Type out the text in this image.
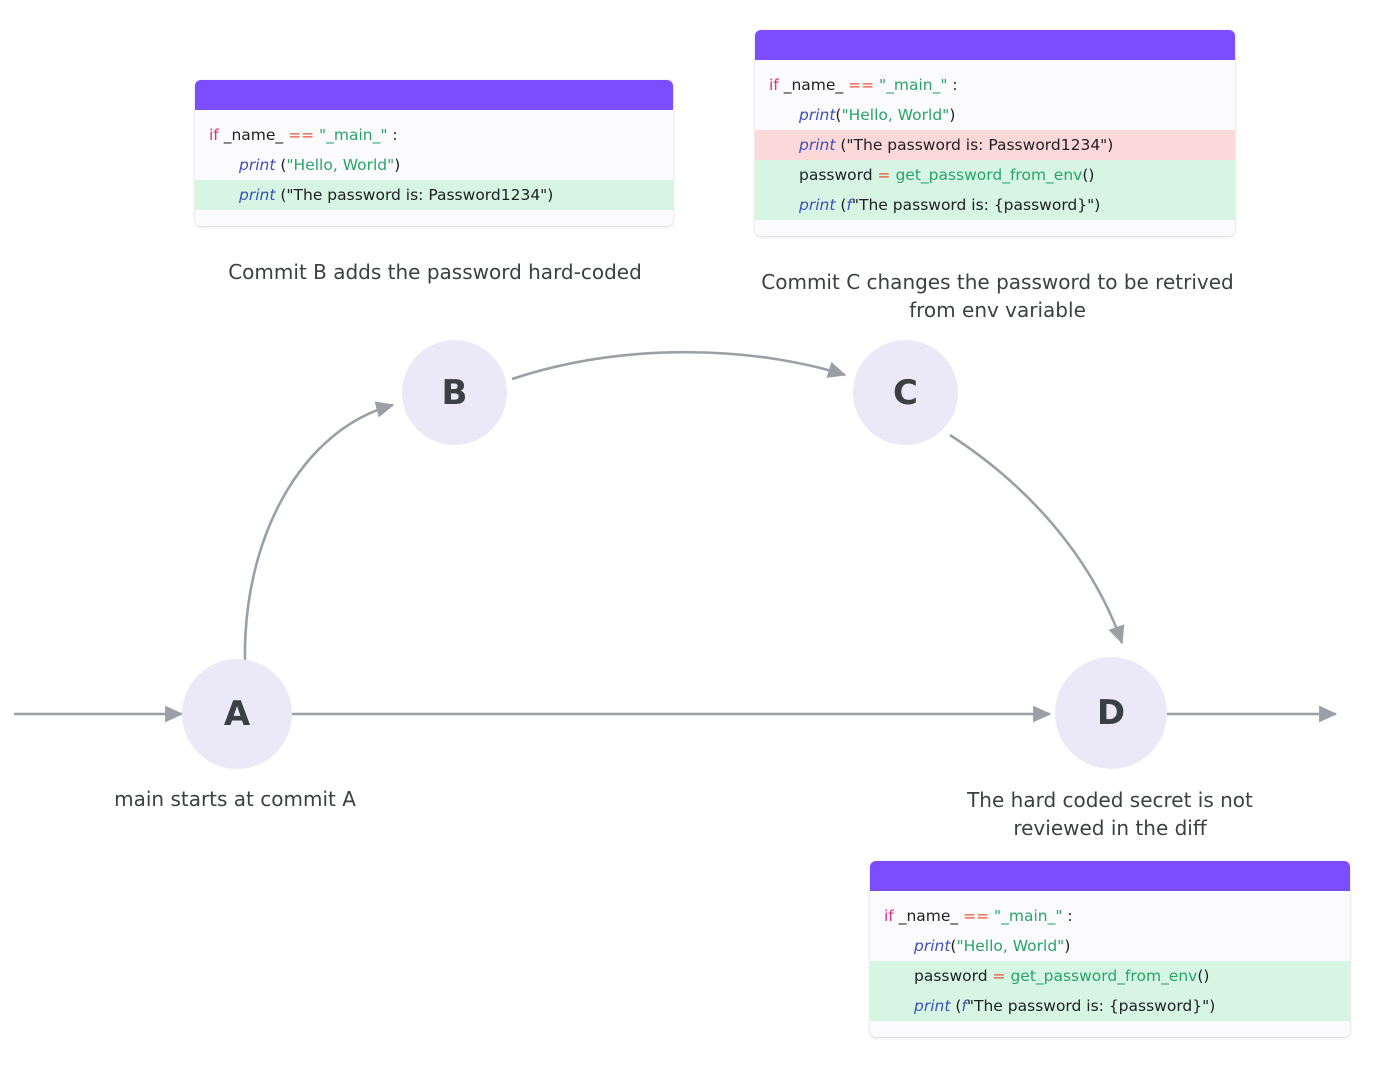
A
B	C
D
main starts at commit A
Commit B adds the password hard-coded	Commit C changes the password to be retrived from env variable
The hard coded secret is not reviewed in the diff
if _name_ == "_main_" :
print ("Hello, World")
print ("The password is: Password1234")
if _name_ == "_main_" :
print("Hello, World")
print ("The password is: Password1234")
password = get_password_from_env()
print (f"The password is: {password}")
if _name_ == "_main_" :
print("Hello, World")
password = get_password_from_env()
print (f"The password is: {password}")
